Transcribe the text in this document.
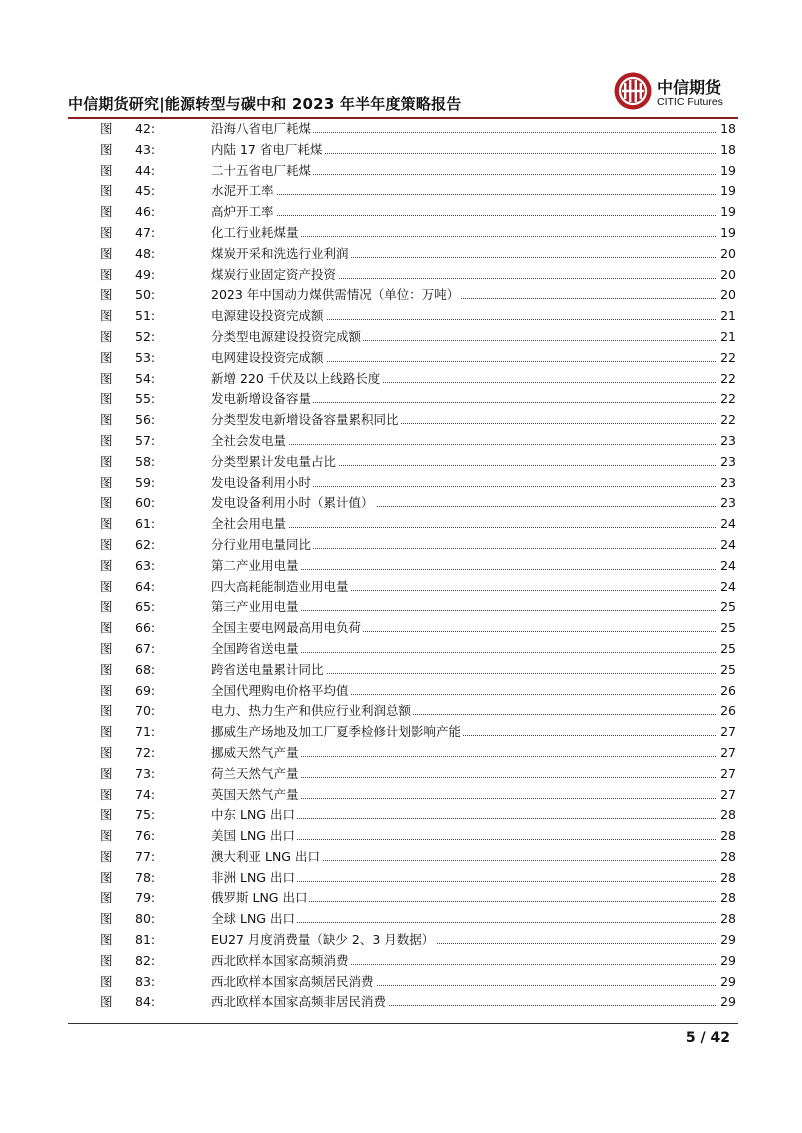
中信期货研究|能源转型与碳中和 2023 年半年度策略报告
中信期货
CITIC Futures
图 42:	沿海八省电厂耗煤	18
图 43:	内陆 17 省电厂耗煤	18
图 44:	二十五省电厂耗煤	19
图 45:	水泥开工率	19
图 46:	高炉开工率	19
图 47:	化工行业耗煤量	19
图 48:	煤炭开采和洗选行业利润	20
图 49:	煤炭行业固定资产投资	20
图 50:	2023 年中国动力煤供需情况（单位：万吨）	20
图 51:	电源建设投资完成额	21
图 52:	分类型电源建设投资完成额	21
图 53:	电网建设投资完成额	22
图 54:	新增 220 千伏及以上线路长度	22
图 55:	发电新增设备容量	22
图 56:	分类型发电新增设备容量累积同比	22
图 57:	全社会发电量	23
图 58:	分类型累计发电量占比	23
图 59:	发电设备利用小时	23
图 60:	发电设备利用小时（累计值）	23
图 61:	全社会用电量	24
图 62:	分行业用电量同比	24
图 63:	第二产业用电量	24
图 64:	四大高耗能制造业用电量	24
图 65:	第三产业用电量	25
图 66:	全国主要电网最高用电负荷	25
图 67:	全国跨省送电量	25
图 68:	跨省送电量累计同比	25
图 69:	全国代理购电价格平均值	26
图 70:	电力、热力生产和供应行业利润总额	26
图 71:	挪威生产场地及加工厂夏季检修计划影响产能	27
图 72:	挪威天然气产量	27
图 73:	荷兰天然气产量	27
图 74:	英国天然气产量	27
图 75:	中东 LNG 出口	28
图 76:	美国 LNG 出口	28
图 77:	澳大利亚 LNG 出口	28
图 78:	非洲 LNG 出口	28
图 79:	俄罗斯 LNG 出口	28
图 80:	全球 LNG 出口	28
图 81:	EU27 月度消费量（缺少 2、3 月数据）	29
图 82:	西北欧样本国家高频消费	29
图 83:	西北欧样本国家高频居民消费	29
图 84:	西北欧样本国家高频非居民消费	29
5 / 42
